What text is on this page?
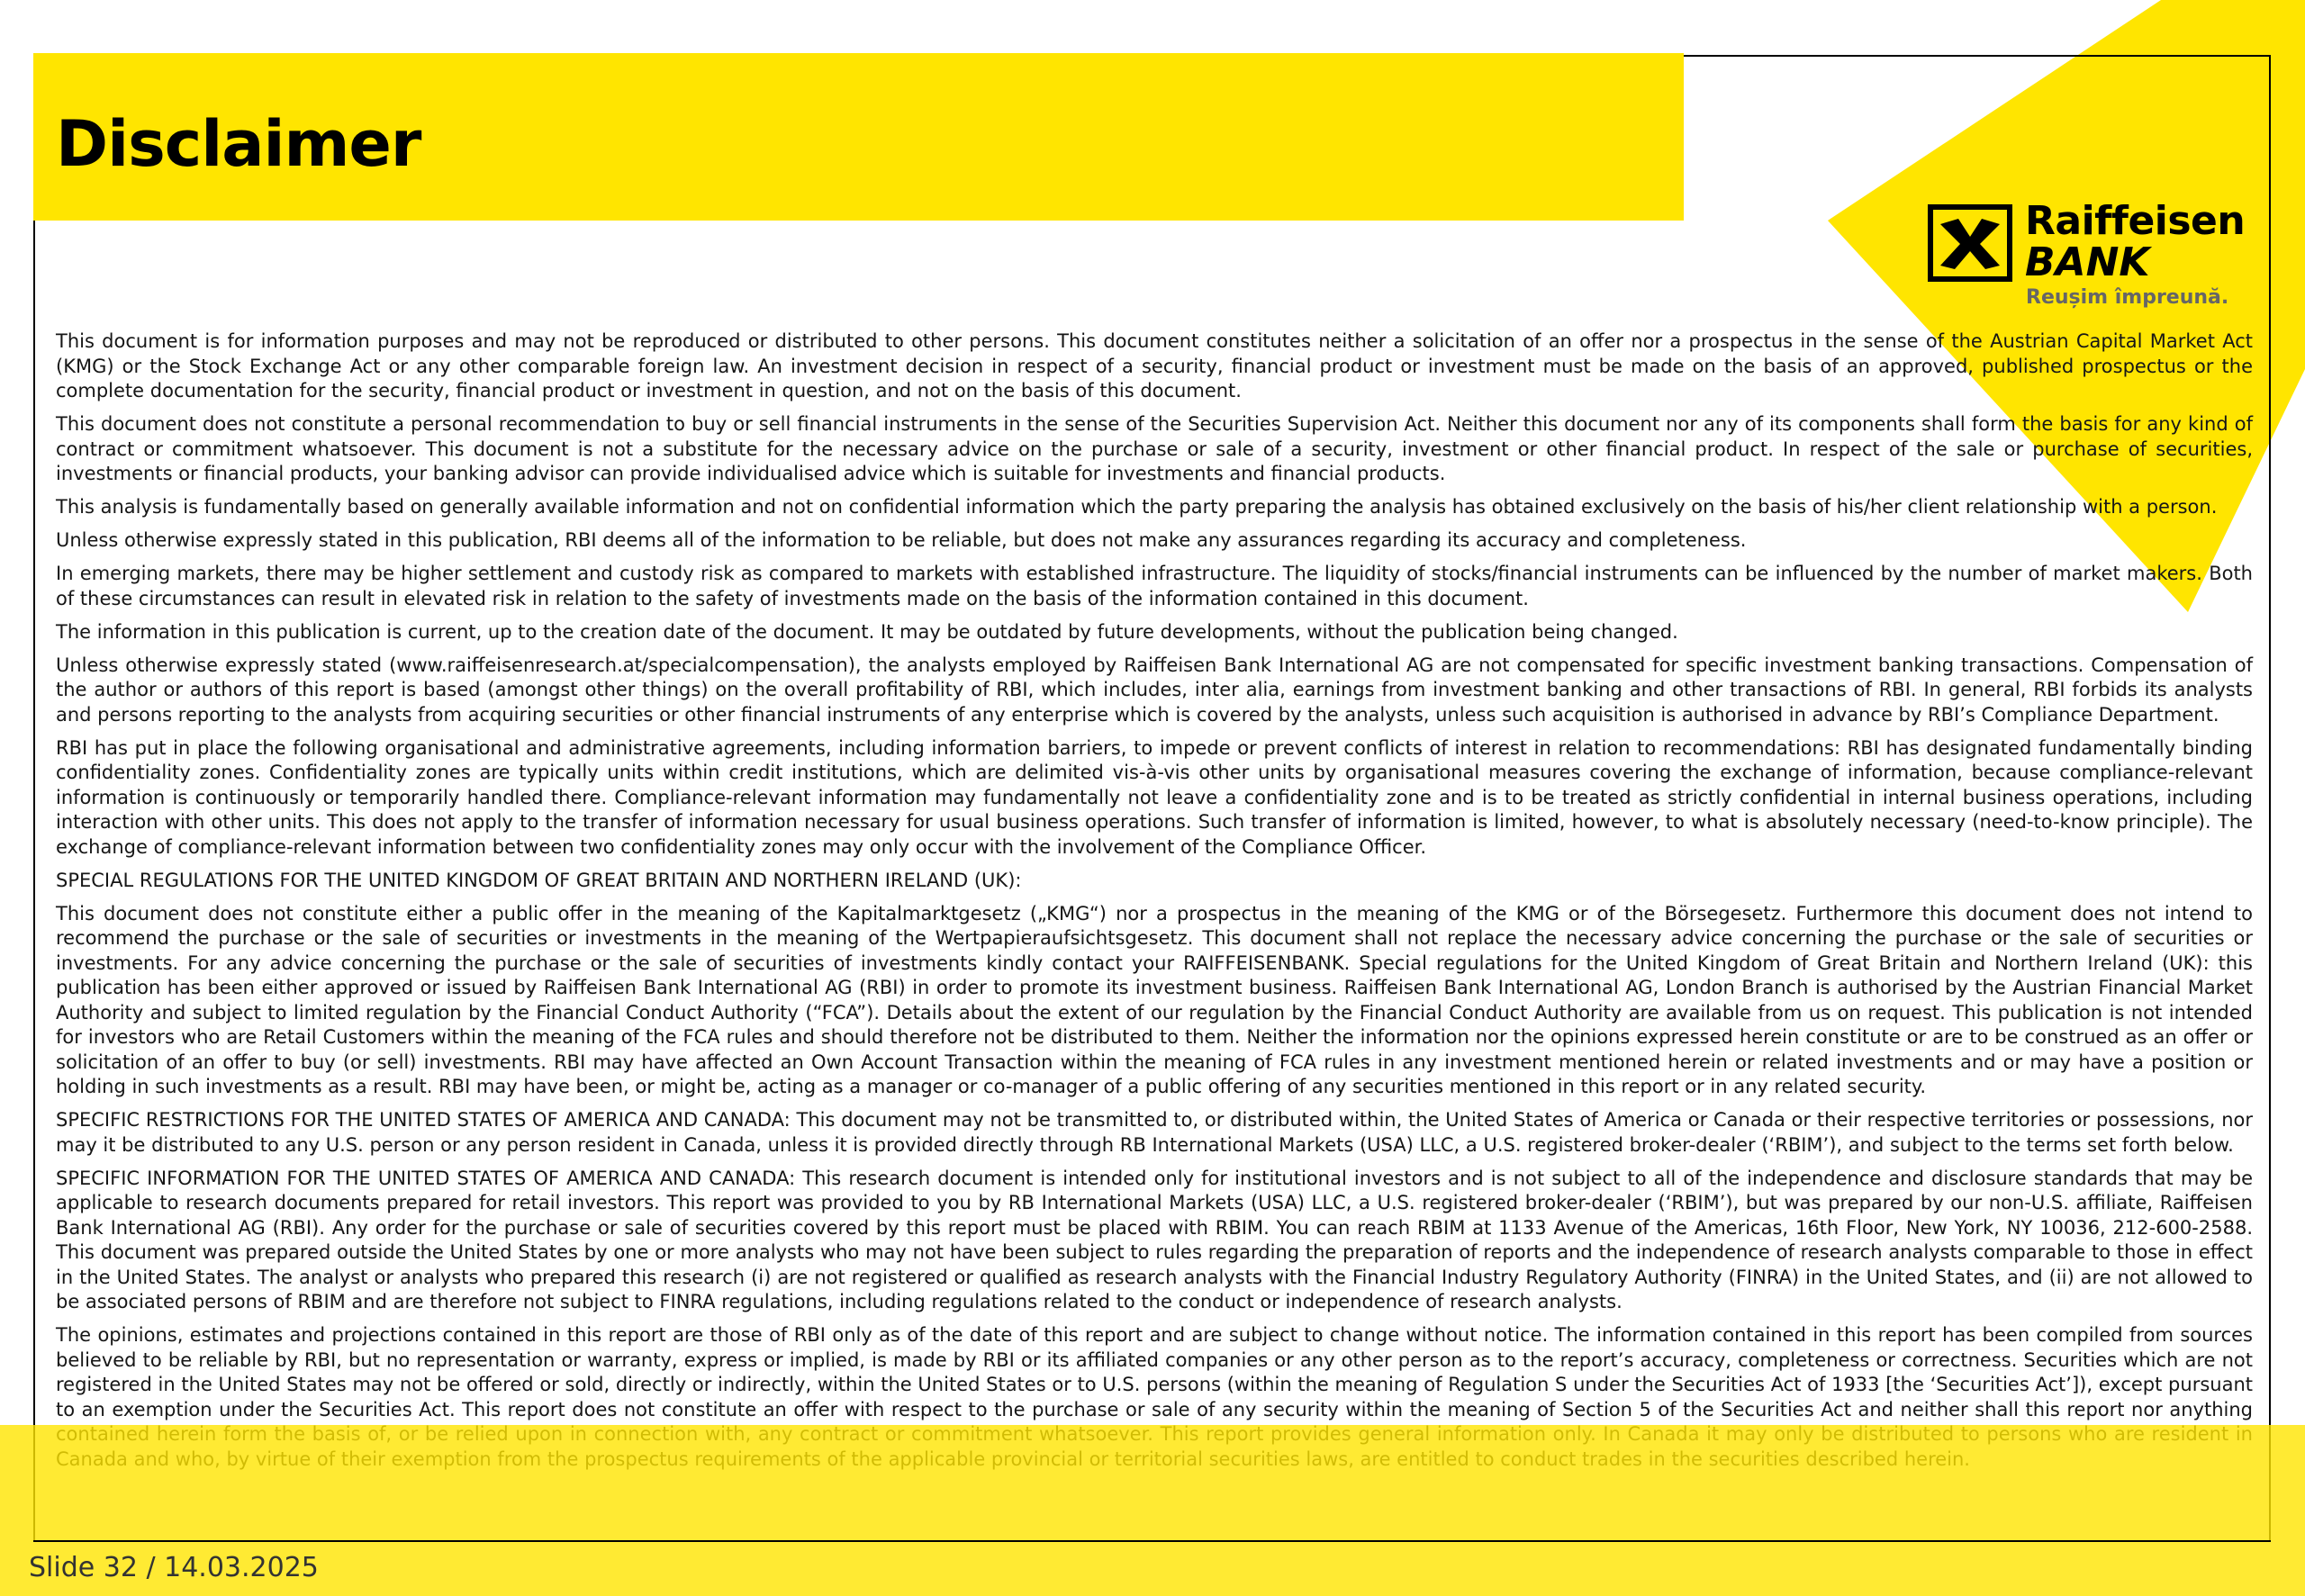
Disclaimer
Raiffeisen
BANK
Reușim împreună.

This document is for information purposes and may not be reproduced or distributed to other persons. This document constitutes neither a solicitation of an offer nor a prospectus in the sense of the Austrian Capital Market Act (KMG) or the Stock Exchange Act or any other comparable foreign law. An investment decision in respect of a security, financial product or investment must be made on the basis of an approved, published prospectus or the complete documentation for the security, financial product or investment in question, and not on the basis of this document.

This document does not constitute a personal recommendation to buy or sell financial instruments in the sense of the Securities Supervision Act. Neither this document nor any of its components shall form the basis for any kind of contract or commitment whatsoever. This document is not a substitute for the necessary advice on the purchase or sale of a security, investment or other financial product. In respect of the sale or purchase of securities, investments or financial products, your banking advisor can provide individualised advice which is suitable for investments and financial products.

This analysis is fundamentally based on generally available information and not on confidential information which the party preparing the analysis has obtained exclusively on the basis of his/her client relationship with a person.

Unless otherwise expressly stated in this publication, RBI deems all of the information to be reliable, but does not make any assurances regarding its accuracy and completeness.

In emerging markets, there may be higher settlement and custody risk as compared to markets with established infrastructure. The liquidity of stocks/financial instruments can be influenced by the number of market makers. Both of these circumstances can result in elevated risk in relation to the safety of investments made on the basis of the information contained in this document.

The information in this publication is current, up to the creation date of the document. It may be outdated by future developments, without the publication being changed.

Unless otherwise expressly stated (www.raiffeisenresearch.at/specialcompensation), the analysts employed by Raiffeisen Bank International AG are not compensated for specific investment banking transactions. Compensation of the author or authors of this report is based (amongst other things) on the overall profitability of RBI, which includes, inter alia, earnings from investment banking and other transactions of RBI. In general, RBI forbids its analysts and persons reporting to the analysts from acquiring securities or other financial instruments of any enterprise which is covered by the analysts, unless such acquisition is authorised in advance by RBI’s Compliance Department.

RBI has put in place the following organisational and administrative agreements, including information barriers, to impede or prevent conflicts of interest in relation to recommendations: RBI has designated fundamentally binding confidentiality zones. Confidentiality zones are typically units within credit institutions, which are delimited vis-à-vis other units by organisational measures covering the exchange of information, because compliance-relevant information is continuously or temporarily handled there. Compliance-relevant information may fundamentally not leave a confidentiality zone and is to be treated as strictly confidential in internal business operations, including interaction with other units. This does not apply to the transfer of information necessary for usual business operations. Such transfer of information is limited, however, to what is absolutely necessary (need-to-know principle). The exchange of compliance-relevant information between two confidentiality zones may only occur with the involvement of the Compliance Officer.

SPECIAL REGULATIONS FOR THE UNITED KINGDOM OF GREAT BRITAIN AND NORTHERN IRELAND (UK):

This document does not constitute either a public offer in the meaning of the Kapitalmarktgesetz („KMG“) nor a prospectus in the meaning of the KMG or of the Börsegesetz. Furthermore this document does not intend to recommend the purchase or the sale of securities or investments in the meaning of the Wertpapieraufsichtsgesetz. This document shall not replace the necessary advice concerning the purchase or the sale of securities or investments. For any advice concerning the purchase or the sale of securities of investments kindly contact your RAIFFEISENBANK. Special regulations for the United Kingdom of Great Britain and Northern Ireland (UK): this publication has been either approved or issued by Raiffeisen Bank International AG (RBI) in order to promote its investment business. Raiffeisen Bank International AG, London Branch is authorised by the Austrian Financial Market Authority and subject to limited regulation by the Financial Conduct Authority (“FCA”). Details about the extent of our regulation by the Financial Conduct Authority are available from us on request. This publication is not intended for investors who are Retail Customers within the meaning of the FCA rules and should therefore not be distributed to them. Neither the information nor the opinions expressed herein constitute or are to be construed as an offer or solicitation of an offer to buy (or sell) investments. RBI may have affected an Own Account Transaction within the meaning of FCA rules in any investment mentioned herein or related investments and or may have a position or holding in such investments as a result. RBI may have been, or might be, acting as a manager or co-manager of a public offering of any securities mentioned in this report or in any related security.

SPECIFIC RESTRICTIONS FOR THE UNITED STATES OF AMERICA AND CANADA: This document may not be transmitted to, or distributed within, the United States of America or Canada or their respective territories or possessions, nor may it be distributed to any U.S. person or any person resident in Canada, unless it is provided directly through RB International Markets (USA) LLC, a U.S. registered broker-dealer (‘RBIM’), and subject to the terms set forth below.

SPECIFIC INFORMATION FOR THE UNITED STATES OF AMERICA AND CANADA: This research document is intended only for institutional investors and is not subject to all of the independence and disclosure standards that may be applicable to research documents prepared for retail investors. This report was provided to you by RB International Markets (USA) LLC, a U.S. registered broker-dealer (‘RBIM’), but was prepared by our non-U.S. affiliate, Raiffeisen Bank International AG (RBI). Any order for the purchase or sale of securities covered by this report must be placed with RBIM. You can reach RBIM at 1133 Avenue of the Americas, 16th Floor, New York, NY 10036, 212-600-2588. This document was prepared outside the United States by one or more analysts who may not have been subject to rules regarding the preparation of reports and the independence of research analysts comparable to those in effect in the United States. The analyst or analysts who prepared this research (i) are not registered or qualified as research analysts with the Financial Industry Regulatory Authority (FINRA) in the United States, and (ii) are not allowed to be associated persons of RBIM and are therefore not subject to FINRA regulations, including regulations related to the conduct or independence of research analysts.

The opinions, estimates and projections contained in this report are those of RBI only as of the date of this report and are subject to change without notice. The information contained in this report has been compiled from sources believed to be reliable by RBI, but no representation or warranty, express or implied, is made by RBI or its affiliated companies or any other person as to the report’s accuracy, completeness or correctness. Securities which are not registered in the United States may not be offered or sold, directly or indirectly, within the United States or to U.S. persons (within the meaning of Regulation S under the Securities Act of 1933 [the ‘Securities Act’]), except pursuant to an exemption under the Securities Act. This report does not constitute an offer with respect to the purchase or sale of any security within the meaning of Section 5 of the Securities Act and neither shall this report nor anything

Slide 32 / 14.03.2025
